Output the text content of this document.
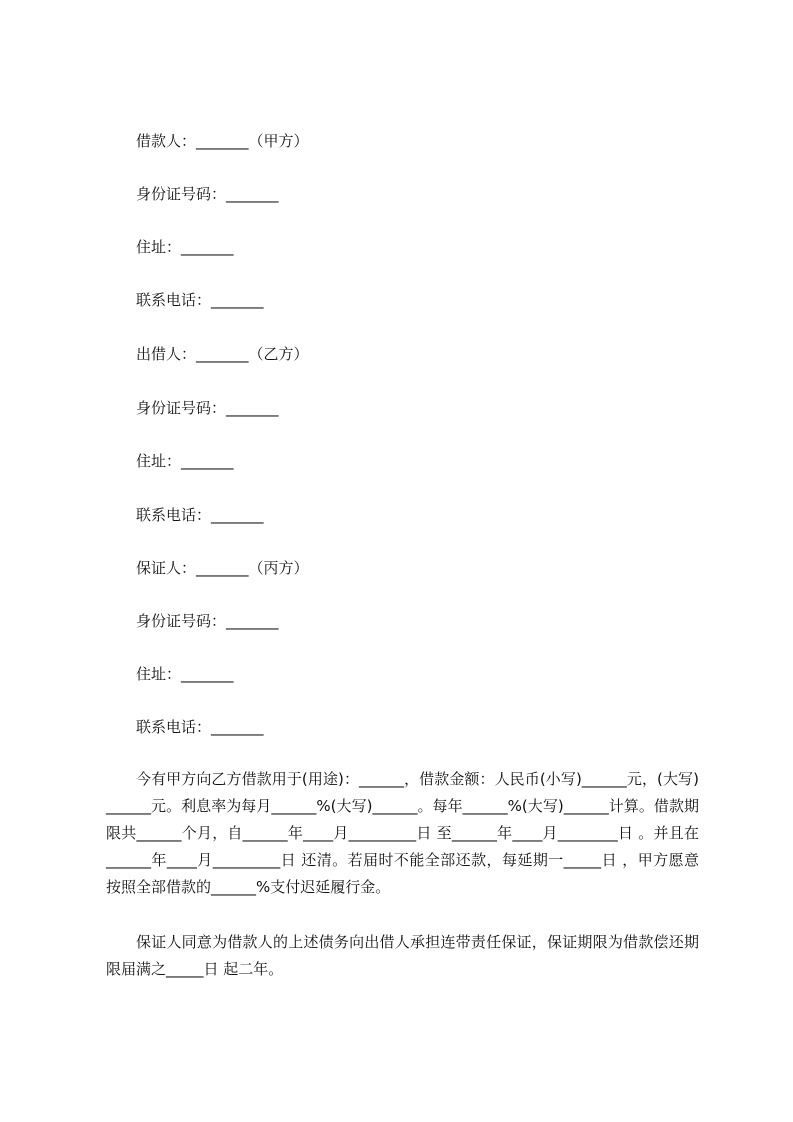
借款人：_______（甲方）
身份证号码：_______
住址：_______
联系电话：_______
出借人：_______（乙方）
身份证号码：_______
住址：_______
联系电话：_______
保证人：_______（丙方）
身份证号码：_______
住址：_______
联系电话：_______
今有甲方向乙方借款用于(用途)：______，借款金额：人民币(小写)______元，(大写)______元。利息率为每月______%(大写)______。每年______%(大写)______计算。借款期限共______个月，自______年____月_________日 至______年____月________日 。并且在______年____月_________日 还清。若届时不能全部还款，每延期一_____日 ，甲方愿意按照全部借款的______%支付迟延履行金。
保证人同意为借款人的上述债务向出借人承担连带责任保证，保证期限为借款偿还期限届满之_____日 起二年。
